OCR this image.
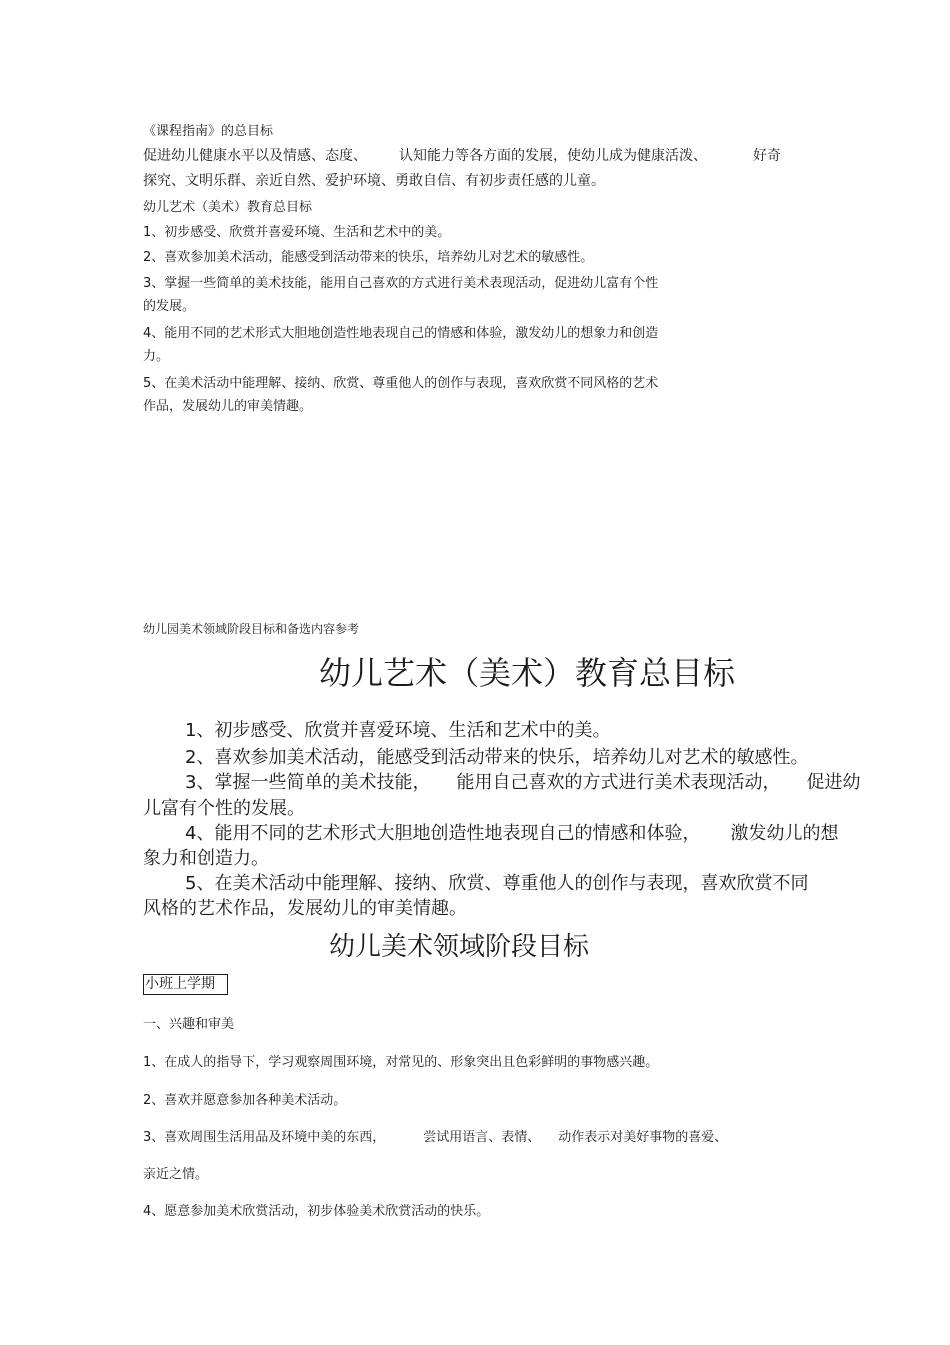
《课程指南》的总目标
促进幼儿健康水平以及情感、态度、 认知能力等各方面的发展，使幼儿成为健康活泼、	好奇
探究、文明乐群、亲近自然、爱护环境、勇敢自信、有初步责任感的儿童。
幼儿艺术（美术）教育总目标
1、初步感受、欣赏并喜爱环境、生活和艺术中的美。
2、喜欢参加美术活动，能感受到活动带来的快乐，培养幼儿对艺术的敏感性。
3、掌握一些简单的美术技能，能用自己喜欢的方式进行美术表现活动，促进幼儿富有个性
的发展。
4、能用不同的艺术形式大胆地创造性地表现自己的情感和体验，激发幼儿的想象力和创造
力。
5、在美术活动中能理解、接纳、欣赏、尊重他人的创作与表现，喜欢欣赏不同风格的艺术
作品，发展幼儿的审美情趣。
幼儿园美术领域阶段目标和备选内容参考
幼儿艺术（美术）教育总目标
1、初步感受、欣赏并喜爱环境、生活和艺术中的美。
2、喜欢参加美术活动，能感受到活动带来的快乐，培养幼儿对艺术的敏感性。
3、掌握一些简单的美术技能， 能用自己喜欢的方式进行美术表现活动， 促进幼
儿富有个性的发展。
4、能用不同的艺术形式大胆地创造性地表现自己的情感和体验， 激发幼儿的想
象力和创造力。
5、在美术活动中能理解、接纳、欣赏、尊重他人的创作与表现，喜欢欣赏不同
风格的艺术作品，发展幼儿的审美情趣。
幼儿美术领域阶段目标
小班上学期
一、兴趣和审美
1、在成人的指导下，学习观察周围环境，对常见的、形象突出且色彩鲜明的事物感兴趣。
2、喜欢并愿意参加各种美术活动。
3、喜欢周围生活用品及环境中美的东西，	尝试用语言、表情、 动作表示对美好事物的喜爱、
亲近之情。
4、愿意参加美术欣赏活动，初步体验美术欣赏活动的快乐。
